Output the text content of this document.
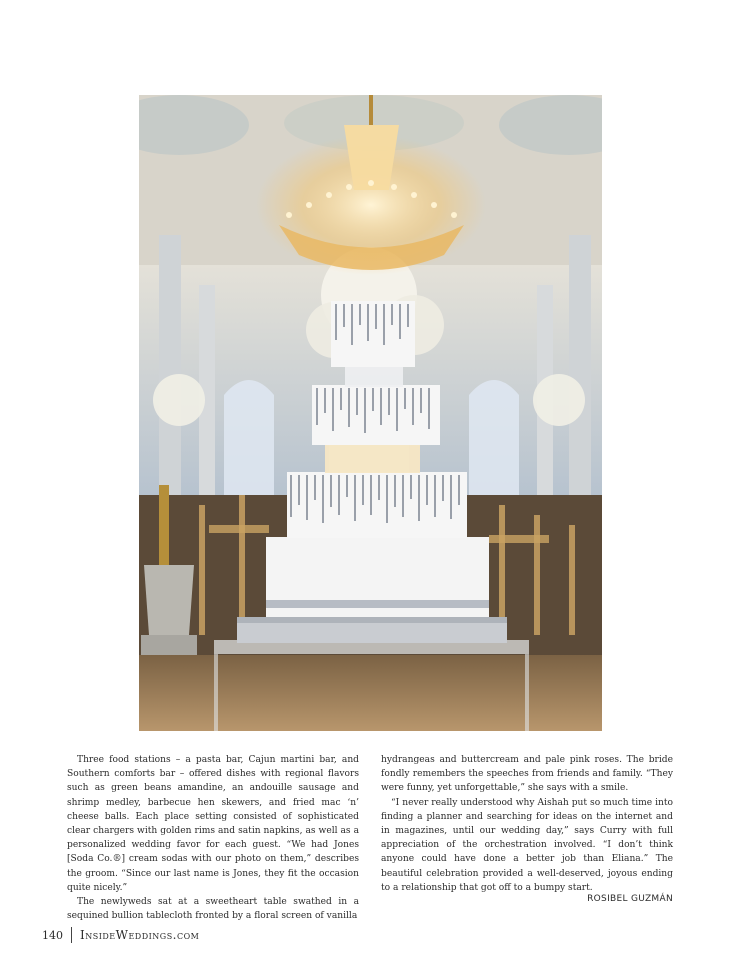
Three food stations – a pasta bar, Cajun martini bar, and Southern comforts bar – offered dishes with regional flavors such as green beans amandine, an andouille sausage and shrimp medley, barbecue hen skewers, and fried mac ‘n’ cheese balls. Each place setting consisted of sophisticated clear chargers with golden rims and satin napkins, as well as a personalized wedding favor for each guest. “We had Jones [Soda Co.®] cream sodas with our photo on them,” describes the groom. “Since our last name is Jones, they fit the occasion quite nicely.”

The newlyweds sat at a sweetheart table swathed in a sequined bullion tablecloth fronted by a floral screen of vanilla

hydrangeas and buttercream and pale pink roses. The bride fondly remembers the speeches from friends and family. “They were funny, yet unforgettable,” she says with a smile.

“I never really understood why Aishah put so much time into finding a planner and searching for ideas on the internet and in magazines, until our wedding day,” says Curry with full appreciation of the orchestration involved. “I don’t think anyone could have done a better job than Eliana.” The beautiful celebration provided a well-deserved, joyous ending to a relationship that got off to a bumpy start.

ROSIBEL GUZMÁN
140 InsideWeddings.com
